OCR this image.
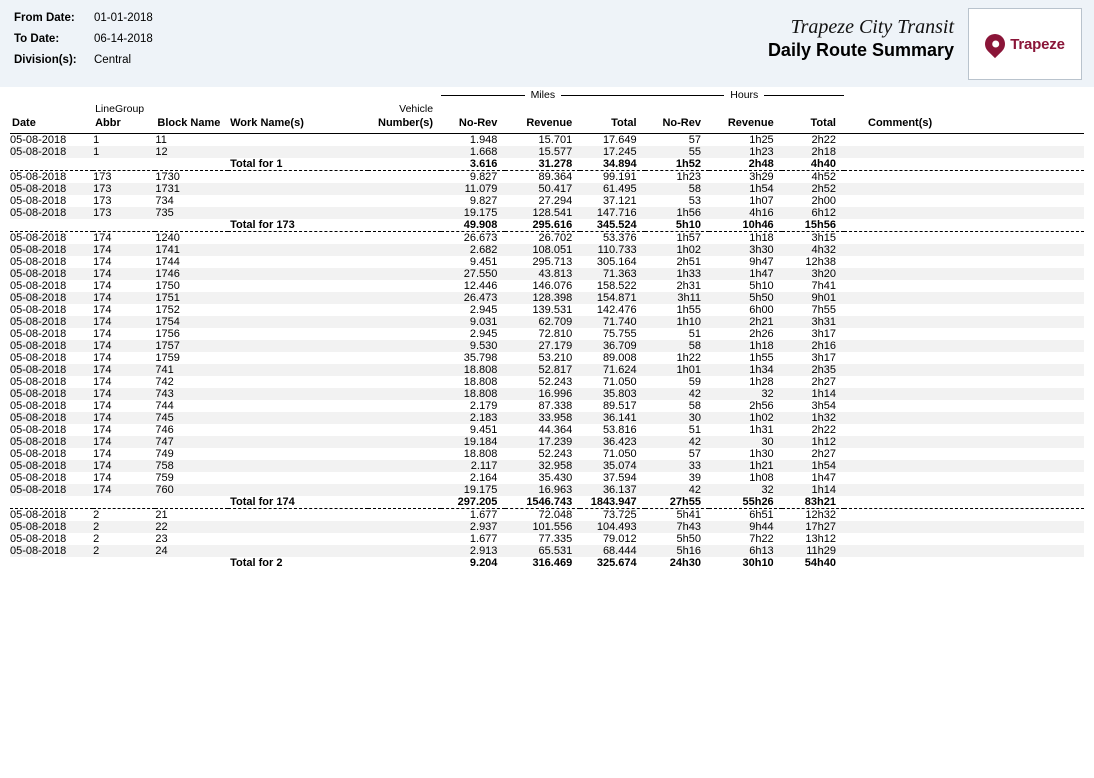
From Date:	01-01-2018
To Date:	06-14-2018
Division(s):	Central
Trapeze City Transit
Daily Route Summary	Trapeze

					Miles			Hours			

	LineGroup			Vehicle							
Date	Abbr	Block Name	Work Name(s)	Number(s)	No-Rev	Revenue	Total	No-Rev	Revenue	Total	Comment(s)

05-08-2018	1	11			1.948	15.701	17.649	57	1h25	2h22	
05-08-2018	1	12			1.668	15.577	17.245	55	1h23	2h18	
			Total for 1		3.616	31.278	34.894	1h52	2h48	4h40	

05-08-2018	173	1730			9.827	89.364	99.191	1h23	3h29	4h52	
05-08-2018	173	1731			11.079	50.417	61.495	58	1h54	2h52	
05-08-2018	173	734			9.827	27.294	37.121	53	1h07	2h00	
05-08-2018	173	735			19.175	128.541	147.716	1h56	4h16	6h12	
			Total for 173		49.908	295.616	345.524	5h10	10h46	15h56	

05-08-2018	174	1240			26.673	26.702	53.376	1h57	1h18	3h15	
05-08-2018	174	1741			2.682	108.051	110.733	1h02	3h30	4h32	
05-08-2018	174	1744			9.451	295.713	305.164	2h51	9h47	12h38	
05-08-2018	174	1746			27.550	43.813	71.363	1h33	1h47	3h20	
05-08-2018	174	1750			12.446	146.076	158.522	2h31	5h10	7h41	
05-08-2018	174	1751			26.473	128.398	154.871	3h11	5h50	9h01	
05-08-2018	174	1752			2.945	139.531	142.476	1h55	6h00	7h55	
05-08-2018	174	1754			9.031	62.709	71.740	1h10	2h21	3h31	
05-08-2018	174	1756			2.945	72.810	75.755	51	2h26	3h17	
05-08-2018	174	1757			9.530	27.179	36.709	58	1h18	2h16	
05-08-2018	174	1759			35.798	53.210	89.008	1h22	1h55	3h17	
05-08-2018	174	741			18.808	52.817	71.624	1h01	1h34	2h35	
05-08-2018	174	742			18.808	52.243	71.050	59	1h28	2h27	
05-08-2018	174	743			18.808	16.996	35.803	42	32	1h14	
05-08-2018	174	744			2.179	87.338	89.517	58	2h56	3h54	
05-08-2018	174	745			2.183	33.958	36.141	30	1h02	1h32	
05-08-2018	174	746			9.451	44.364	53.816	51	1h31	2h22	
05-08-2018	174	747			19.184	17.239	36.423	42	30	1h12	
05-08-2018	174	749			18.808	52.243	71.050	57	1h30	2h27	
05-08-2018	174	758			2.117	32.958	35.074	33	1h21	1h54	
05-08-2018	174	759			2.164	35.430	37.594	39	1h08	1h47	
05-08-2018	174	760			19.175	16.963	36.137	42	32	1h14	
			Total for 174		297.205	1546.743	1843.947	27h55	55h26	83h21	

05-08-2018	2	21			1.677	72.048	73.725	5h41	6h51	12h32	
05-08-2018	2	22			2.937	101.556	104.493	7h43	9h44	17h27	
05-08-2018	2	23			1.677	77.335	79.012	5h50	7h22	13h12	
05-08-2018	2	24			2.913	65.531	68.444	5h16	6h13	11h29	
			Total for 2		9.204	316.469	325.674	24h30	30h10	54h40	
